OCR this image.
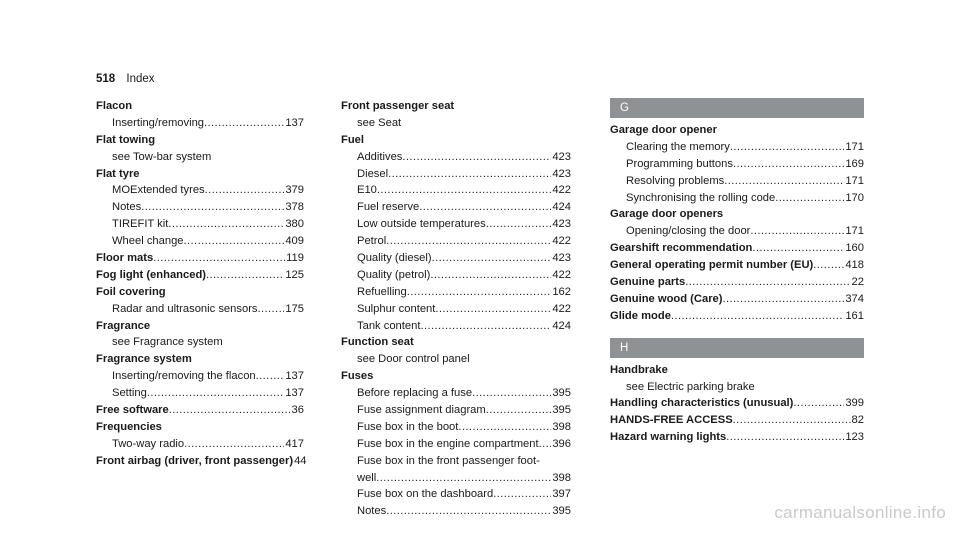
518 Index
Flacon
Inserting/removing .....	137
Flat towing
see Tow-bar system
Flat tyre
MOExtended tyres .....	379
Notes .....	378
TIREFIT kit .....	380
Wheel change .....	409
Floor mats .....	119
Fog light (enhanced) .....	125
Foil covering
Radar and ultrasonic sensors ..... 175
Fragrance
see Fragrance system
Fragrance system
Inserting/removing the flacon .....	137
Setting .....	137
Free software .....	36
Frequencies
Two-way radio .....	417
Front airbag (driver, front passenger) 44
Front passenger seat
see Seat
Fuel
Additives .....	423
Diesel .....	423
E10 .....	422
Fuel reserve .....	424
Low outside temperatures .....	423
Petrol .....	422
Quality (diesel) .....	423
Quality (petrol) .....	422
Refuelling .....	162
Sulphur content .....	422
Tank content .....	424
Function seat
see Door control panel
Fuses
Before replacing a fuse .....	395
Fuse assignment diagram .....	395
Fuse box in the boot .....	398
Fuse box in the engine compartment ..... 396
Fuse box in the front passenger foot-
well .....	398
Fuse box on the dashboard .....	397
Notes .....	395
G
Garage door opener
Clearing the memory .....	171
Programming buttons .....	169
Resolving problems .....	171
Synchronising the rolling code .....	170
Garage door openers
Opening/closing the door .....	171
Gearshift recommendation .....	160
General operating permit number (EU) .....	418
Genuine parts .....	22
Genuine wood (Care) .....	374
Glide mode .....	161
H
Handbrake
see Electric parking brake
Handling characteristics (unusual) .....	399
HANDS-FREE ACCESS .....	82
Hazard warning lights .....	123
carmanualsonline.info
